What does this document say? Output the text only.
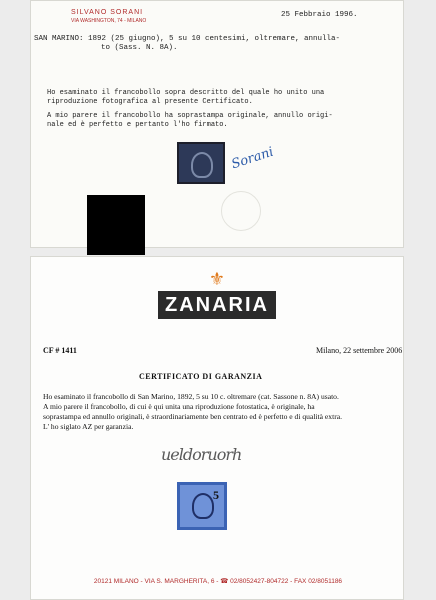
SILVANO SORANI
VIA WASHINGTON, 74 - MILANO
25 Febbraio 1996.
SAN MARINO: 1892 (25 giugno), 5 su 10 centesimi, oltremare, annulla-
to (Sass. N. 8A).
Ho esaminato il francobollo sopra descritto del quale ho unito una
riproduzione fotografica al presente Certificato.
A mio parere il francobollo ha soprastampa originale, annullo origi-
nale ed è perfetto e pertanto l'ho firmato.
Sorani
⚜
ZANARIA
CF # 1411	Milano, 22 settembre 2006
CERTIFICATO DI GARANZIA
Ho esaminato il francobollo di San Marino, 1892, 5 su 10 c. oltremare (cat. Sassone n. 8A) usato.
A mio parere il francobollo, di cui è qui unita una riproduzione fotostatica, è originale, ha
soprastampa ed annullo originali, è straordinariamente ben centrato ed è perfetto e di qualità extra.
L' ho siglato AZ per garanzia.
ueldoruorh
5
20121 MILANO - VIA S. MARGHERITA, 6 - ☎ 02/8052427-804722 - FAX 02/8051186
